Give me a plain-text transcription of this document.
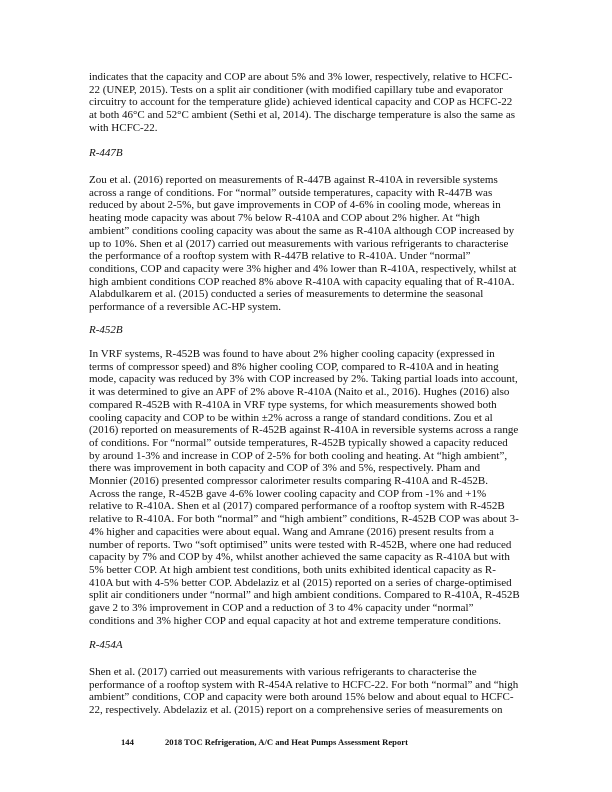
indicates that the capacity and COP are about 5% and 3% lower, respectively, relative to HCFC-
22 (UNEP, 2015). Tests on a split air conditioner (with modified capillary tube and evaporator
circuitry to account for the temperature glide) achieved identical capacity and COP as HCFC-22
at both 46°C and 52°C ambient (Sethi et al, 2014). The discharge temperature is also the same as
with HCFC-22.
R-447B
Zou et al. (2016) reported on measurements of R-447B against R-410A in reversible systems
across a range of conditions. For “normal” outside temperatures, capacity with R-447B was
reduced by about 2-5%, but gave improvements in COP of 4-6% in cooling mode, whereas in
heating mode capacity was about 7% below R-410A and COP about 2% higher. At “high
ambient” conditions cooling capacity was about the same as R-410A although COP increased by
up to 10%. Shen et al (2017) carried out measurements with various refrigerants to characterise
the performance of a rooftop system with R-447B relative to R-410A. Under “normal”
conditions, COP and capacity were 3% higher and 4% lower than R-410A, respectively, whilst at
high ambient conditions COP reached 8% above R-410A with capacity equaling that of R-410A.
Alabdulkarem et al. (2015) conducted a series of measurements to determine the seasonal
performance of a reversible AC-HP system.
R-452B
In VRF systems, R-452B was found to have about 2% higher cooling capacity (expressed in
terms of compressor speed) and 8% higher cooling COP, compared to R-410A and in heating
mode, capacity was reduced by 3% with COP increased by 2%. Taking partial loads into account,
it was determined to give an APF of 2% above R-410A (Naito et al., 2016). Hughes (2016) also
compared R-452B with R-410A in VRF type systems, for which measurements showed both
cooling capacity and COP to be within ±2% across a range of standard conditions. Zou et al
(2016) reported on measurements of R-452B against R-410A in reversible systems across a range
of conditions. For “normal” outside temperatures, R-452B typically showed a capacity reduced
by around 1-3% and increase in COP of 2-5% for both cooling and heating. At “high ambient”,
there was improvement in both capacity and COP of 3% and 5%, respectively. Pham and
Monnier (2016) presented compressor calorimeter results comparing R-410A and R-452B.
Across the range, R-452B gave 4-6% lower cooling capacity and COP from -1% and +1%
relative to R-410A. Shen et al (2017) compared performance of a rooftop system with R-452B
relative to R-410A. For both “normal” and “high ambient” conditions, R-452B COP was about 3-
4% higher and capacities were about equal. Wang and Amrane (2016) present results from a
number of reports. Two “soft optimised” units were tested with R-452B, where one had reduced
capacity by 7% and COP by 4%, whilst another achieved the same capacity as R-410A but with
5% better COP. At high ambient test conditions, both units exhibited identical capacity as R-
410A but with 4-5% better COP. Abdelaziz et al (2015) reported on a series of charge-optimised
split air conditioners under “normal” and high ambient conditions. Compared to R-410A, R-452B
gave 2 to 3% improvement in COP and a reduction of 3 to 4% capacity under “normal”
conditions and 3% higher COP and equal capacity at hot and extreme temperature conditions.
R-454A
Shen et al. (2017) carried out measurements with various refrigerants to characterise the
performance of a rooftop system with R-454A relative to HCFC-22. For both “normal” and “high
ambient” conditions, COP and capacity were both around 15% below and about equal to HCFC-
22, respectively. Abdelaziz et al. (2015) report on a comprehensive series of measurements on
144	2018 TOC Refrigeration, A/C and Heat Pumps Assessment Report
